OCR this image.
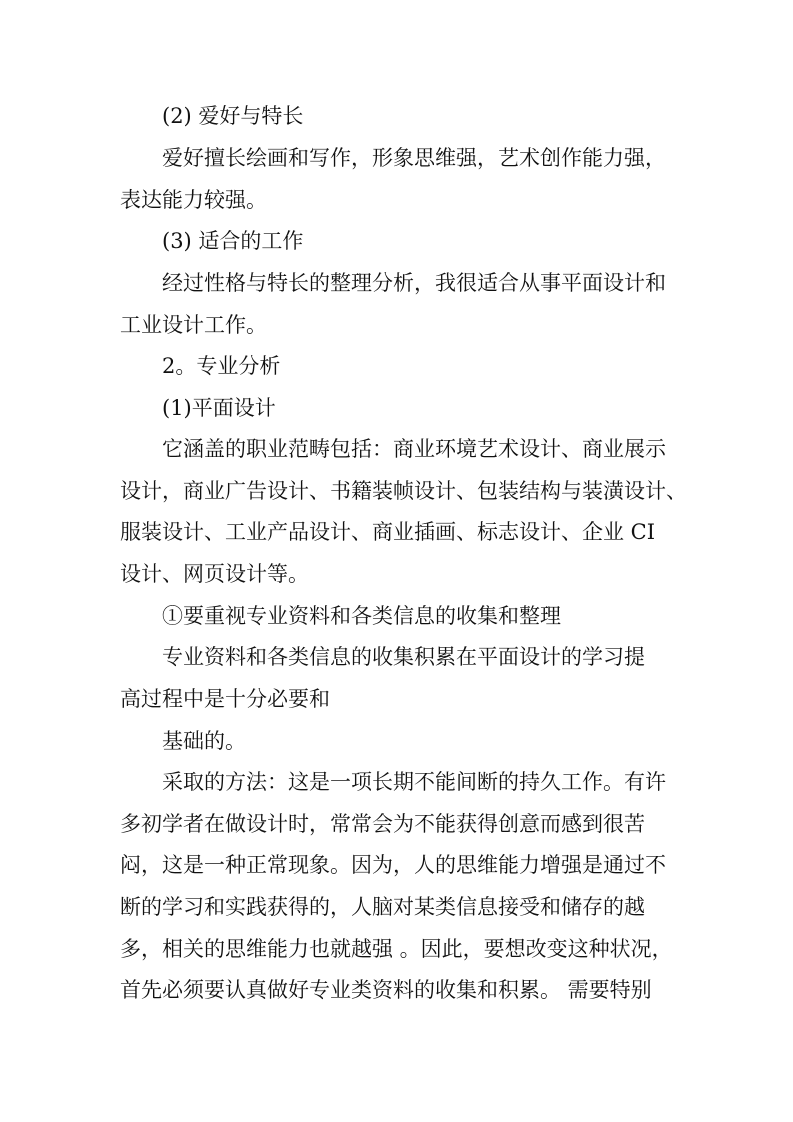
(2) 爱好与特长
爱好擅长绘画和写作，形象思维强，艺术创作能力强，
表达能力较强。
(3) 适合的工作
经过性格与特长的整理分析，我很适合从事平面设计和
工业设计工作。
2。专业分析
(1)平面设计
它涵盖的职业范畴包括：商业环境艺术设计、商业展示
设计，商业广告设计、书籍装帧设计、包装结构与装潢设计、
服装设计、工业产品设计、商业插画、标志设计、企业 CI
设计、网页设计等。
①要重视专业资料和各类信息的收集和整理
专业资料和各类信息的收集积累在平面设计的学习提
高过程中是十分必要和
基础的。
采取的方法：这是一项长期不能间断的持久工作。有许
多初学者在做设计时，常常会为不能获得创意而感到很苦
闷，这是一种正常现象。因为，人的思维能力增强是通过不
断的学习和实践获得的，人脑对某类信息接受和储存的越
多，相关的思维能力也就越强 。因此，要想改变这种状况，
首先必须要认真做好专业类资料的收集和积累。 需要特别
